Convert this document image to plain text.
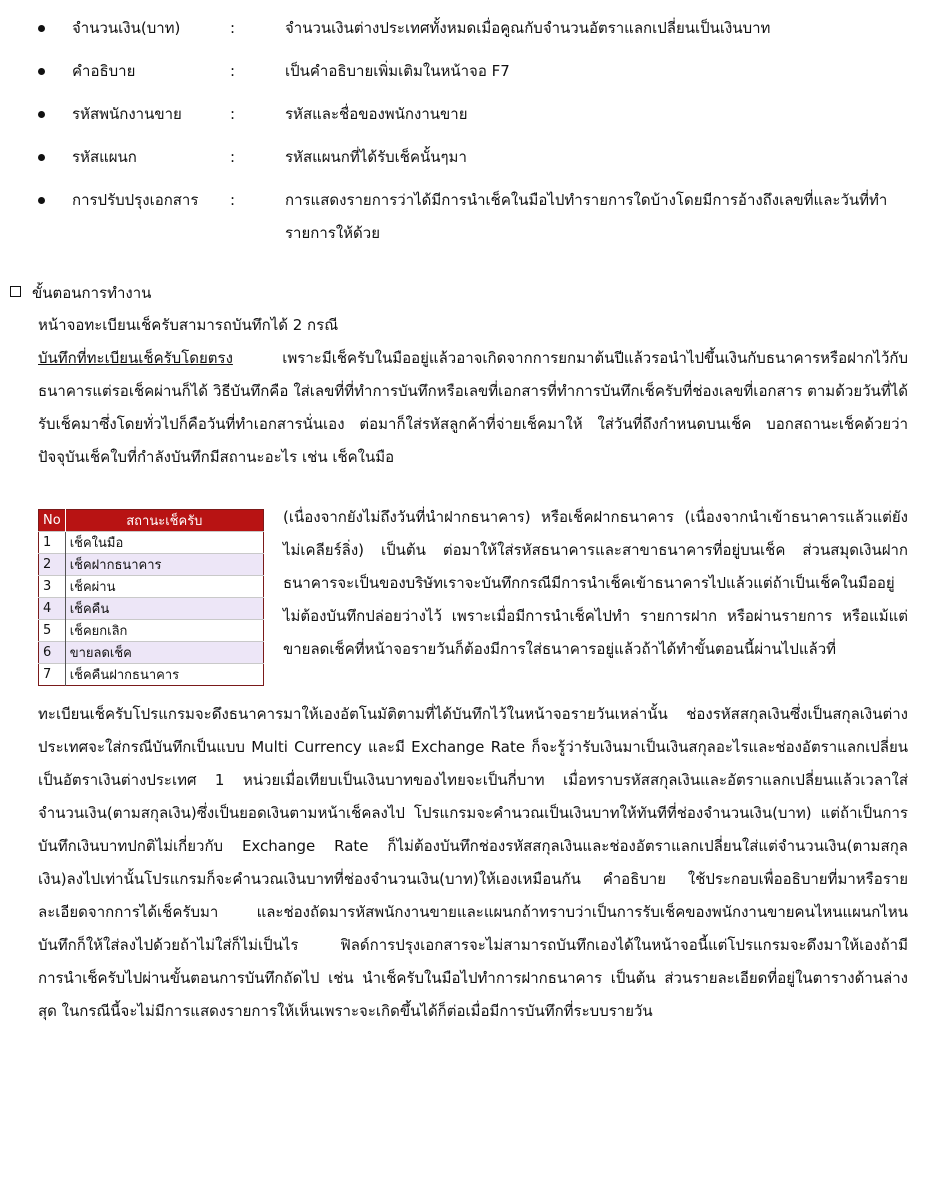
จำนวนเงิน(บาท)	:	จำนวนเงินต่างประเทศทั้งหมดเมื่อคูณกับจำนวนอัตราแลกเปลี่ยนเป็นเงินบาท
คำอธิบาย	:	เป็นคำอธิบายเพิ่มเติมในหน้าจอ F7
รหัสพนักงานขาย	:	รหัสและชื่อของพนักงานขาย
รหัสแผนก	:	รหัสแผนกที่ได้รับเช็คนั้นๆมา
การปรับปรุงเอกสาร :	การแสดงรายการว่าได้มีการนำเช็คในมือไปทำรายการใดบ้างโดยมีการอ้างถึงเลขที่และวันที่ทำรายการให้ด้วย
ขั้นตอนการทำงาน
หน้าจอทะเบียนเช็ครับสามารถบันทึกได้ 2 กรณี
บันทึกที่ทะเบียนเช็ครับโดยตรง	เพราะมีเช็ครับในมืออยู่แล้วอาจเกิดจากการยกมาต้นปีแล้วรอนำไปขึ้นเงินกับธนาคารหรือฝากไว้กับธนาคารแต่รอเช็คผ่านก็ได้ วิธีบันทึกคือ ใส่เลขที่ที่ทำการบันทึกหรือเลขที่เอกสารที่ทำการบันทึกเช็ครับที่ช่องเลขที่เอกสาร ตามด้วยวันที่ได้รับเช็คมาซึ่งโดยทั่วไปก็คือวันที่ทำเอกสารนั่นเอง ต่อมาก็ใส่รหัสลูกค้าที่จ่ายเช็คมาให้ ใส่วันที่ถึงกำหนดบนเช็ค บอกสถานะเช็คด้วยว่าปัจจุบันเช็คใบที่กำลังบันทึกมีสถานะอะไร เช่น เช็คในมือ
No	สถานะเช็ครับ
1	เช็คในมือ
2	เช็คฝากธนาคาร
3	เช็คผ่าน
4	เช็คคืน
5	เช็คยกเลิก
6	ขายลดเช็ค
7	เช็คคืนฝากธนาคาร
(เนื่องจากยังไม่ถึงวันที่นำฝากธนาคาร) หรือเช็คฝากธนาคาร (เนื่องจากนำเข้าธนาคารแล้วแต่ยังไม่เคลียร์ลิ่ง) เป็นต้น ต่อมาให้ใส่รหัสธนาคารและสาขาธนาคารที่อยู่บนเช็ค ส่วนสมุดเงินฝากธนาคารจะเป็นของบริษัทเราจะบันทึกกรณีมีการนำเช็คเข้าธนาคารไปแล้วแต่ถ้าเป็นเช็คในมืออยู่ไม่ต้องบันทึกปล่อยว่างไว้ เพราะเมื่อมีการนำเช็คไปทำ รายการฝาก หรือผ่านรายการ หรือแม้แต่ขายลดเช็คที่หน้าจอรายวันก็ต้องมีการใส่ธนาคารอยู่แล้วถ้าได้ทำขั้นตอนนี้ผ่านไปแล้วที่
ทะเบียนเช็ครับโปรแกรมจะดึงธนาคารมาให้เองอัตโนมัติตามที่ได้บันทึกไว้ในหน้าจอรายวันเหล่านั้น ช่องรหัสสกุลเงินซึ่งเป็นสกุลเงินต่างประเทศจะใส่กรณีบันทึกเป็นแบบ Multi Currency และมี Exchange Rate ก็จะรู้ว่ารับเงินมาเป็นเงินสกุลอะไรและช่องอัตราแลกเปลี่ยนเป็นอัตราเงินต่างประเทศ 1 หน่วยเมื่อเทียบเป็นเงินบาทของไทยจะเป็นกี่บาท เมื่อทราบรหัสสกุลเงินและอัตราแลกเปลี่ยนแล้วเวลาใส่จำนวนเงิน(ตามสกุลเงิน)ซึ่งเป็นยอดเงินตามหน้าเช็คลงไป โปรแกรมจะคำนวณเป็นเงินบาทให้ทันทีที่ช่องจำนวนเงิน(บาท) แต่ถ้าเป็นการบันทึกเงินบาทปกติไม่เกี่ยวกับ Exchange Rate ก็ไม่ต้องบันทึกช่องรหัสสกุลเงินและช่องอัตราแลกเปลี่ยนใส่แต่จำนวนเงิน(ตามสกุลเงิน)ลงไปเท่านั้นโปรแกรมก็จะคำนวณเงินบาทที่ช่องจำนวนเงิน(บาท)ให้เองเหมือนกัน คำอธิบาย ใช้ประกอบเพื่ออธิบายที่มาหรือรายละเอียดจากการได้เช็ครับมา และช่องถัดมารหัสพนักงานขายและแผนกถ้าทราบว่าเป็นการรับเช็คของพนักงานขายคนไหนแผนกไหนบันทึกก็ให้ใส่ลงไปด้วยถ้าไม่ใส่ก็ไม่เป็นไร ฟิลด์การปรุงเอกสารจะไม่สามารถบันทึกเองได้ในหน้าจอนี้แต่โปรแกรมจะดึงมาให้เองถ้ามีการนำเช็ครับไปผ่านขั้นตอนการบันทึกถัดไป เช่น นำเช็ครับในมือไปทำการฝากธนาคาร เป็นต้น ส่วนรายละเอียดที่อยู่ในตารางด้านล่างสุด ในกรณีนี้จะไม่มีการแสดงรายการให้เห็นเพราะจะเกิดขึ้นได้ก็ต่อเมื่อมีการบันทึกที่ระบบรายวัน
